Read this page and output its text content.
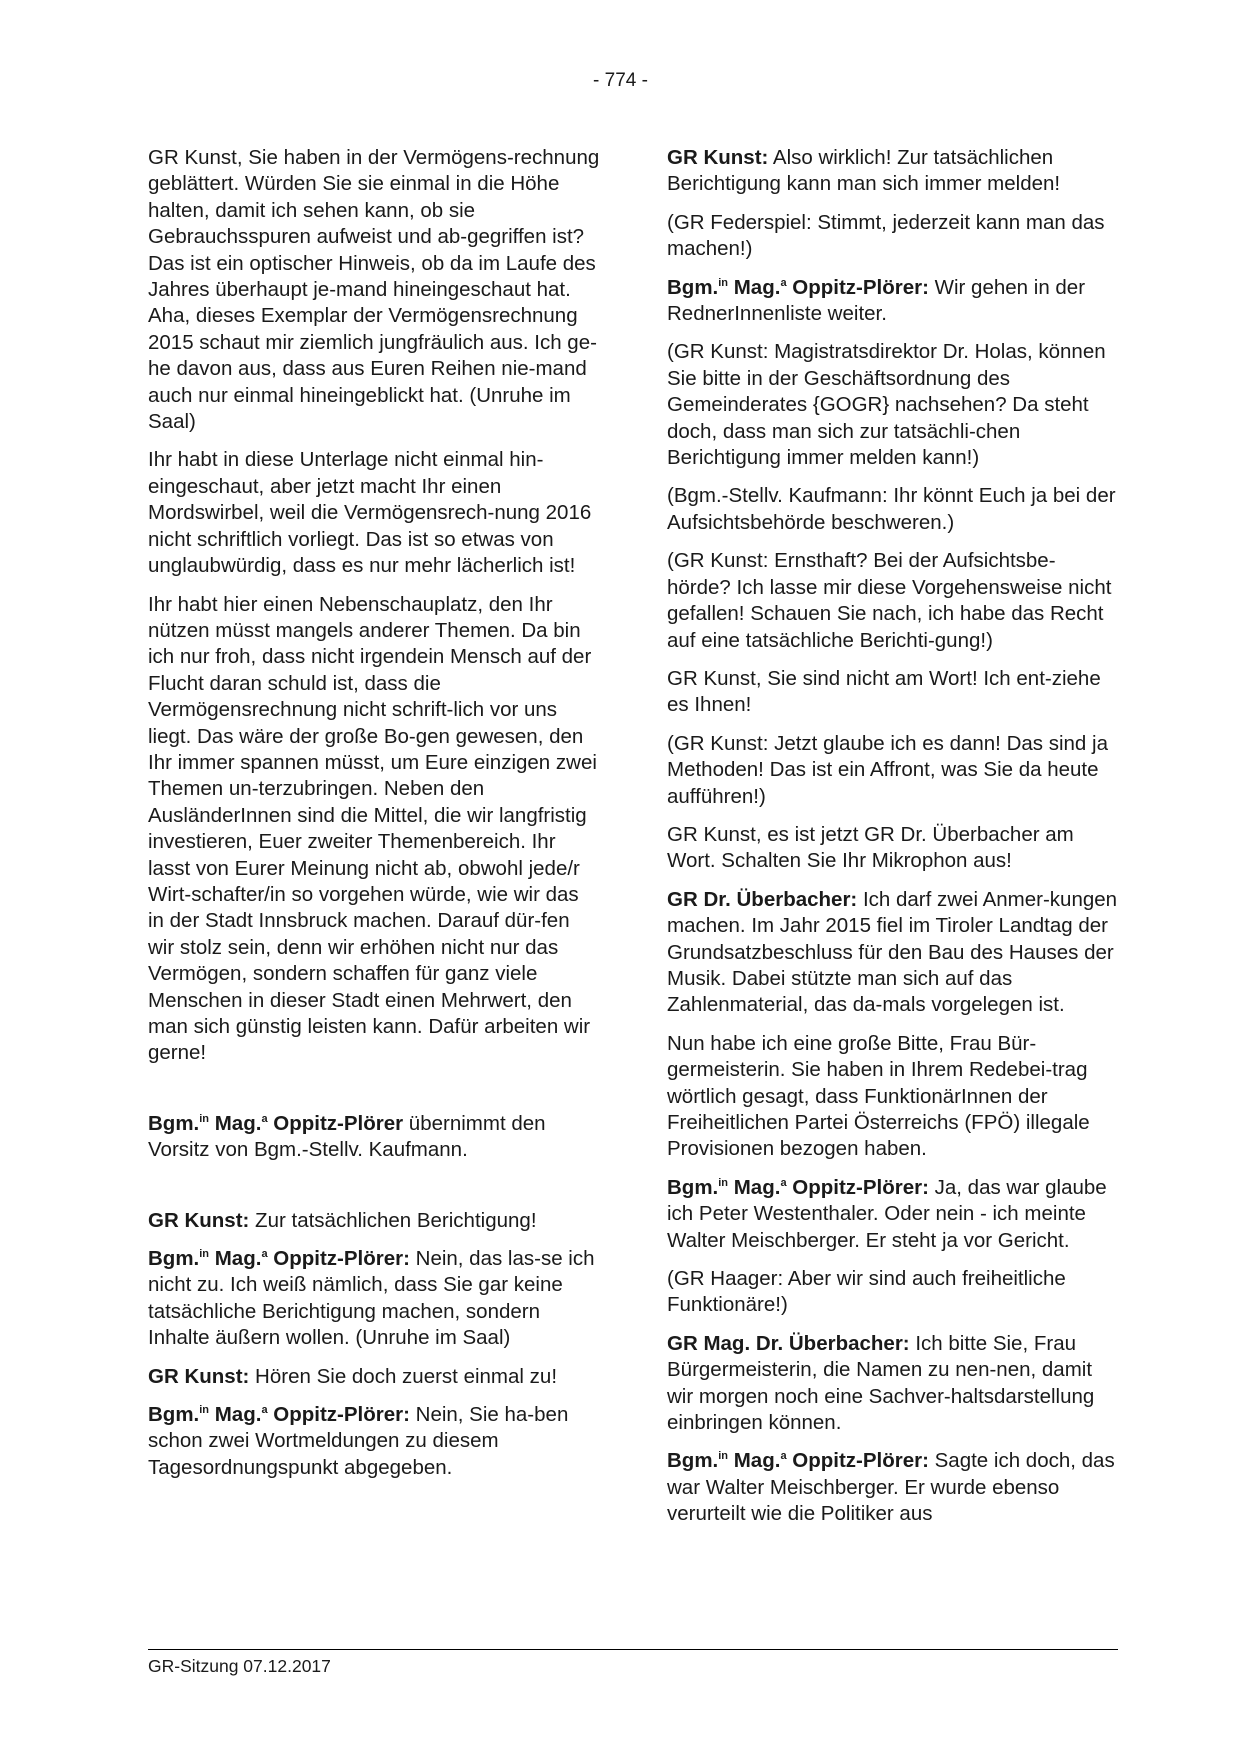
- 774 -

GR Kunst, Sie haben in der Vermögens-rechnung geblättert. Würden Sie sie einmal in die Höhe halten, damit ich sehen kann, ob sie Gebrauchsspuren aufweist und ab-gegriffen ist? Das ist ein optischer Hinweis, ob da im Laufe des Jahres überhaupt je-mand hineingeschaut hat. Aha, dieses Exemplar der Vermögensrechnung 2015 schaut mir ziemlich jungfräulich aus. Ich ge-he davon aus, dass aus Euren Reihen nie-mand auch nur einmal hineingeblickt hat. (Unruhe im Saal)

Ihr habt in diese Unterlage nicht einmal hin-eingeschaut, aber jetzt macht Ihr einen Mordswirbel, weil die Vermögensrech-nung 2016 nicht schriftlich vorliegt. Das ist so etwas von unglaubwürdig, dass es nur mehr lächerlich ist!

Ihr habt hier einen Nebenschauplatz, den Ihr nützen müsst mangels anderer Themen. Da bin ich nur froh, dass nicht irgendein Mensch auf der Flucht daran schuld ist, dass die Vermögensrechnung nicht schrift-lich vor uns liegt. Das wäre der große Bo-gen gewesen, den Ihr immer spannen müsst, um Eure einzigen zwei Themen un-terzubringen. Neben den AusländerInnen sind die Mittel, die wir langfristig investieren, Euer zweiter Themenbereich. Ihr lasst von Eurer Meinung nicht ab, obwohl jede/r Wirt-schafter/in so vorgehen würde, wie wir das in der Stadt Innsbruck machen. Darauf dür-fen wir stolz sein, denn wir erhöhen nicht nur das Vermögen, sondern schaffen für ganz viele Menschen in dieser Stadt einen Mehrwert, den man sich günstig leisten kann. Dafür arbeiten wir gerne!

Bgm.$^{in}$ Mag.$^a$ Oppitz-Plörer übernimmt den Vorsitz von Bgm.-Stellv. Kaufmann.

GR Kunst: Zur tatsächlichen Berichtigung!

Bgm.$^{in}$ Mag.$^a$ Oppitz-Plörer: Nein, das las-se ich nicht zu. Ich weiß nämlich, dass Sie gar keine tatsächliche Berichtigung machen, sondern Inhalte äußern wollen. (Unruhe im Saal)

GR Kunst: Hören Sie doch zuerst einmal zu!

Bgm.$^{in}$ Mag.$^a$ Oppitz-Plörer: Nein, Sie ha-ben schon zwei Wortmeldungen zu diesem Tagesordnungspunkt abgegeben.

GR Kunst: Also wirklich! Zur tatsächlichen Berichtigung kann man sich immer melden!

(GR Federspiel: Stimmt, jederzeit kann man das machen!)

Bgm.$^{in}$ Mag.$^a$ Oppitz-Plörer: Wir gehen in der RednerInnenliste weiter.

(GR Kunst: Magistratsdirektor Dr. Holas, können Sie bitte in der Geschäftsordnung des Gemeinderates {GOGR} nachsehen? Da steht doch, dass man sich zur tatsächli-chen Berichtigung immer melden kann!)

(Bgm.-Stellv. Kaufmann: Ihr könnt Euch ja bei der Aufsichtsbehörde beschweren.)

(GR Kunst: Ernsthaft? Bei der Aufsichtsbe-hörde? Ich lasse mir diese Vorgehensweise nicht gefallen! Schauen Sie nach, ich habe das Recht auf eine tatsächliche Berichti-gung!)

GR Kunst, Sie sind nicht am Wort! Ich ent-ziehe es Ihnen!

(GR Kunst: Jetzt glaube ich es dann! Das sind ja Methoden! Das ist ein Affront, was Sie da heute aufführen!)

GR Kunst, es ist jetzt GR Dr. Überbacher am Wort. Schalten Sie Ihr Mikrophon aus!

GR Dr. Überbacher: Ich darf zwei Anmer-kungen machen. Im Jahr 2015 fiel im Tiroler Landtag der Grundsatzbeschluss für den Bau des Hauses der Musik. Dabei stützte man sich auf das Zahlenmaterial, das da-mals vorgelegen ist.

Nun habe ich eine große Bitte, Frau Bür-germeisterin. Sie haben in Ihrem Redebei-trag wörtlich gesagt, dass FunktionärInnen der Freiheitlichen Partei Österreichs (FPÖ) illegale Provisionen bezogen haben.

Bgm.$^{in}$ Mag.$^a$ Oppitz-Plörer: Ja, das war glaube ich Peter Westenthaler. Oder nein - ich meinte Walter Meischberger. Er steht ja vor Gericht.

(GR Haager: Aber wir sind auch freiheitliche Funktionäre!)

GR Mag. Dr. Überbacher: Ich bitte Sie, Frau Bürgermeisterin, die Namen zu nen-nen, damit wir morgen noch eine Sachver-haltsdarstellung einbringen können.

Bgm.$^{in}$ Mag.$^a$ Oppitz-Plörer: Sagte ich doch, das war Walter Meischberger. Er wurde ebenso verurteilt wie die Politiker aus

GR-Sitzung 07.12.2017
